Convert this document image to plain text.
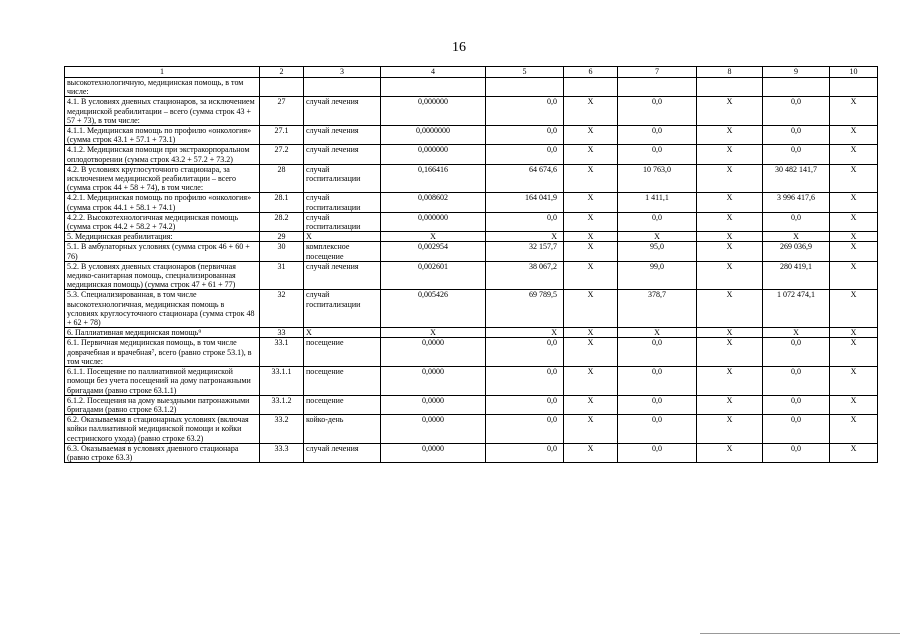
16
1	2	3	4	5	6	7	8	9	10
высокотехнологичную, медицинская помощь, в том числе:									
4.1. В условиях дневных стационаров, за исключением медицинской реабилитации – всего (сумма строк 43 + 57 + 73), в том числе:	27	случай лечения	0,000000	0,0	X	0,0	X	0,0	X
4.1.1. Медицинская помощь по профилю «онкология» (сумма строк 43.1 + 57.1 + 73.1)	27.1	случай лечения	0,0000000	0,0	X	0,0	X	0,0	X
4.1.2. Медицинская помощи при экстракорпоральном оплодотворении (сумма строк 43.2 + 57.2 + 73.2)	27.2	случай лечения	0,000000	0,0	X	0,0	X	0,0	X
4.2. В условиях круглосуточного стационара, за исключением медицинской реабилитации – всего (сумма строк 44 + 58 + 74), в том числе:	28	случай госпитализации	0,166416	64 674,6	X	10 763,0	X	30 482 141,7	X
4.2.1. Медицинская помощь по профилю «онкология» (сумма строк 44.1 + 58.1 + 74.1)	28.1	случай госпитализации	0,008602	164 041,9	X	1 411,1	X	3 996 417,6	X
4.2.2. Высокотехнологичная медицинская помощь (сумма строк 44.2 + 58.2 + 74.2)	28.2	случай госпитализации	0,000000	0,0	X	0,0	X	0,0	X
5. Медицинская реабилитация:	29	X	X	X	X	X	X	X	X
5.1. В амбулаторных условиях (сумма строк 46 + 60 + 76)	30	комплексное посещение	0,002954	32 157,7	X	95,0	X	269 036,9	X
5.2. В условиях дневных стационаров (первичная медико-санитарная помощь, специализированная медицинская помощь) (сумма строк 47 + 61 + 77)	31	случай лечения	0,002601	38 067,2	X	99,0	X	280 419,1	X
5.3. Специализированная, в том числе высокотехнологичная, медицинская помощь в условиях круглосуточного стационара (сумма строк 48 + 62 + 78)	32	случай госпитализации	0,005426	69 789,5	X	378,7	X	1 072 474,1	X
6. Паллиативная медицинская помощь⁹	33	X	X	X	X	X	X	X	X
6.1. Первичная медицинская помощь, в том числе доврачебная и врачебная⁷, всего (равно строке 53.1), в том числе:	33.1	посещение	0,0000	0,0	X	0,0	X	0,0	X
6.1.1. Посещение по паллиативной медицинской помощи без учета посещений на дому патронажными бригадами (равно строке 63.1.1)	33.1.1	посещение	0,0000	0,0	X	0,0	X	0,0	X
6.1.2. Посещения на дому выездными патронажными бригадами (равно строке 63.1.2)	33.1.2	посещение	0,0000	0,0	X	0,0	X	0,0	X
6.2. Оказываемая в стационарных условиях (включая койки паллиативной медицинской помощи и койки сестринского ухода) (равно строке 63.2)	33.2	койко-день	0,0000	0,0	X	0,0	X	0,0	X
6.3. Оказываемая в условиях дневного стационара (равно строке 63.3)	33.3	случай лечения	0,0000	0,0	X	0,0	X	0,0	X
